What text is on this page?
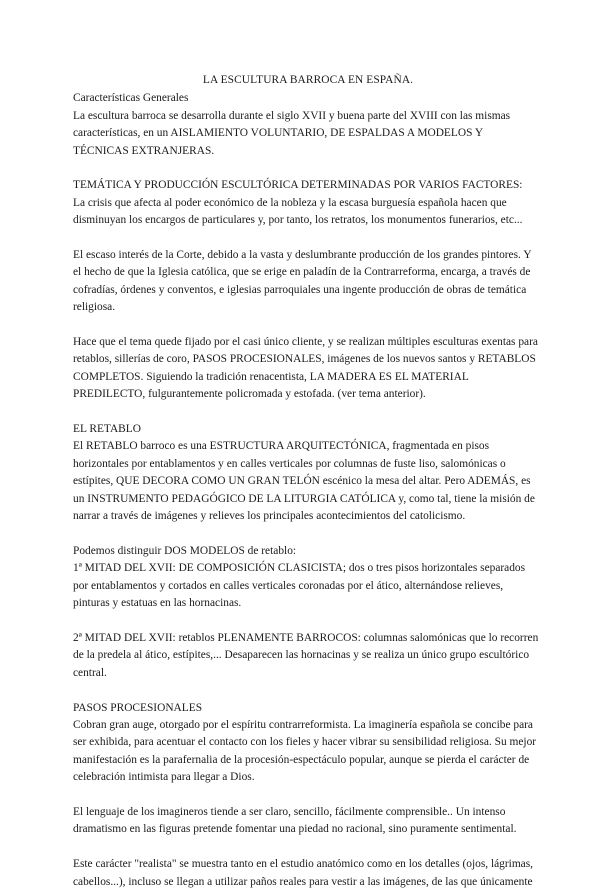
LA ESCULTURA BARROCA EN ESPAÑA.
Características Generales
La escultura barroca se desarrolla durante el siglo XVII y buena parte del XVIII con las mismas
características, en un AISLAMIENTO VOLUNTARIO, DE ESPALDAS A MODELOS Y
TÉCNICAS EXTRANJERAS.
TEMÁTICA Y PRODUCCIÓN ESCULTÓRICA DETERMINADAS POR VARIOS FACTORES:
La crisis que afecta al poder económico de la nobleza y la escasa burguesía española hacen que
disminuyan los encargos de particulares y, por tanto, los retratos, los monumentos funerarios, etc...
El escaso interés de la Corte, debido a la vasta y deslumbrante producción de los grandes pintores. Y
el hecho de que la Iglesia católica, que se erige en paladín de la Contrarreforma, encarga, a través de
cofradías, órdenes y conventos, e iglesias parroquiales una ingente producción de obras de temática
religiosa.
Hace que el tema quede fijado por el casi único cliente, y se realizan múltiples esculturas exentas para
retablos, sillerías de coro, PASOS PROCESIONALES, imágenes de los nuevos santos y RETABLOS
COMPLETOS. Siguiendo la tradición renacentista, LA MADERA ES EL MATERIAL
PREDILECTO, fulgurantemente policromada y estofada. (ver tema anterior).
EL RETABLO
El RETABLO barroco es una ESTRUCTURA ARQUITECTÓNICA, fragmentada en pisos
horizontales por entablamentos y en calles verticales por columnas de fuste liso, salomónicas o
estípites, QUE DECORA COMO UN GRAN TELÓN escénico la mesa del altar. Pero ADEMÁS, es
un INSTRUMENTO PEDAGÓGICO DE LA LITURGIA CATÓLICA y, como tal, tiene la misión de
narrar a través de imágenes y relieves los principales acontecimientos del catolicismo.
Podemos distinguir DOS MODELOS de retablo:
1ª MITAD DEL XVII: DE COMPOSICIÓN CLASICISTA; dos o tres pisos horizontales separados
por entablamentos y cortados en calles verticales coronadas por el ático, alternándose relieves,
pinturas y estatuas en las hornacinas.
2ª MITAD DEL XVII: retablos PLENAMENTE BARROCOS: columnas salomónicas que lo recorren
de la predela al ático, estípites,... Desaparecen las hornacinas y se realiza un único grupo escultórico
central.
PASOS PROCESIONALES
Cobran gran auge, otorgado por el espíritu contrarreformista. La imaginería española se concibe para
ser exhibida, para acentuar el contacto con los fieles y hacer vibrar su sensibilidad religiosa. Su mejor
manifestación es la parafernalia de la procesión-espectáculo popular, aunque se pierda el carácter de
celebración intimista para llegar a Dios.
El lenguaje de los imagineros tiende a ser claro, sencillo, fácilmente comprensible.. Un intenso
dramatismo en las figuras pretende fomentar una piedad no racional, sino puramente sentimental.
Este carácter "realista" se muestra tanto en el estudio anatómico como en los detalles (ojos, lágrimas,
cabellos...), incluso se llegan a utilizar paños reales para vestir a las imágenes, de las que únicamente
